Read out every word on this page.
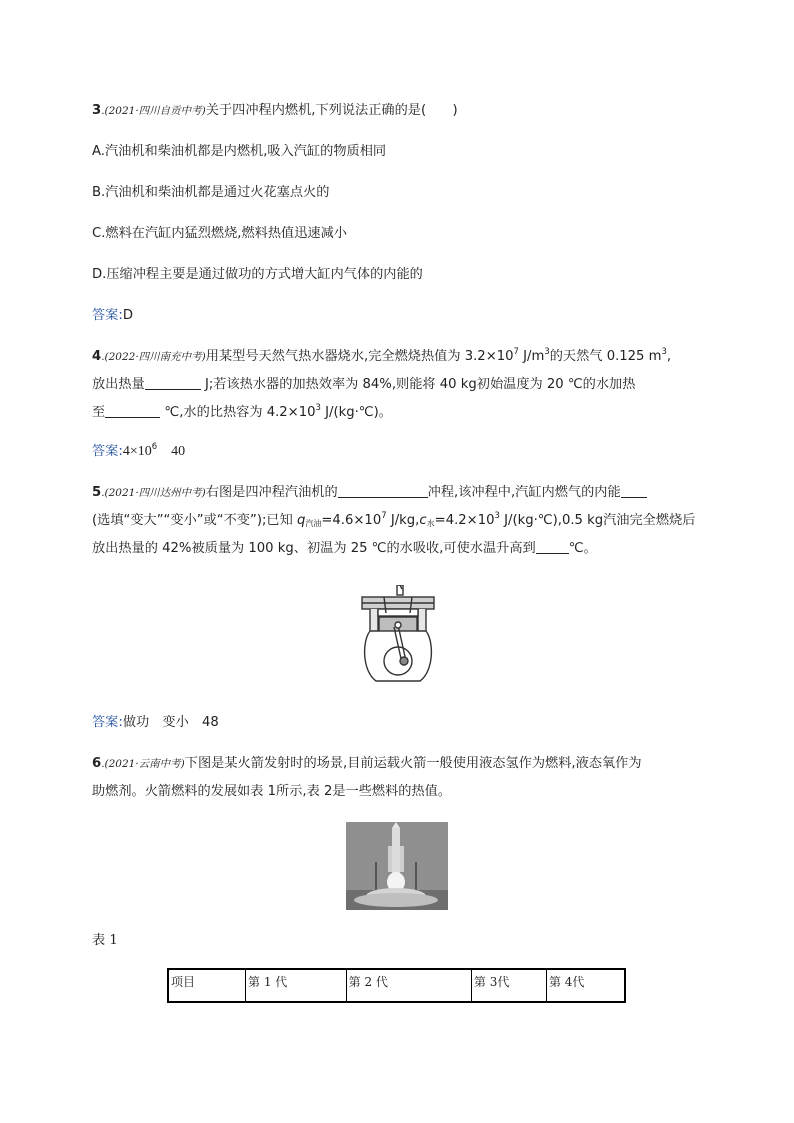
3.(2021·四川自贡中考)关于四冲程内燃机,下列说法正确的是(　　)
A.汽油机和柴油机都是内燃机,吸入汽缸的物质相同
B.汽油机和柴油机都是通过火花塞点火的
C.燃料在汽缸内猛烈燃烧,燃料热值迅速减小
D.压缩冲程主要是通过做功的方式增大缸内气体的内能的
答案:D
4.(2022·四川南充中考)用某型号天然气热水器烧水,完全燃烧热值为 $3.2\times 10^7$ $J/m^3$的天然气 0.125 $m^3$,
放出热量	J;若该热水器的加热效率为 84%,则能将 40 kg初始温度为 20 ℃的水加热
至	℃,水的比热容为 $4.2\times 10^3$ J/(kg·℃)。
答案$:4\times 10^6$　40
5.(2021·四川达州中考)右图是四冲程汽油机的	冲程,该冲程中,汽缸内燃气的内能
(选填“变大”“变小”或“不变”);已知 $q_{汽油}=4.6\times 10^7$ $J/kg,c_水=4.2\times 10^3$ J/(kg·℃),0.5 kg汽油完全燃烧后
放出热量的 42%被质量为 100 kg、初温为 25 ℃的水吸收,可使水温升高到	℃。
答案:做功　变小　48
6.(2021·云南中考)下图是某火箭发射时的场景,目前运载火箭一般使用液态氢作为燃料,液态氧作为
助燃剂。火箭燃料的发展如表 1所示,表 2是一些燃料的热值。
表 1
项目	第 1 代	第 2 代	第 3代	第 4代
